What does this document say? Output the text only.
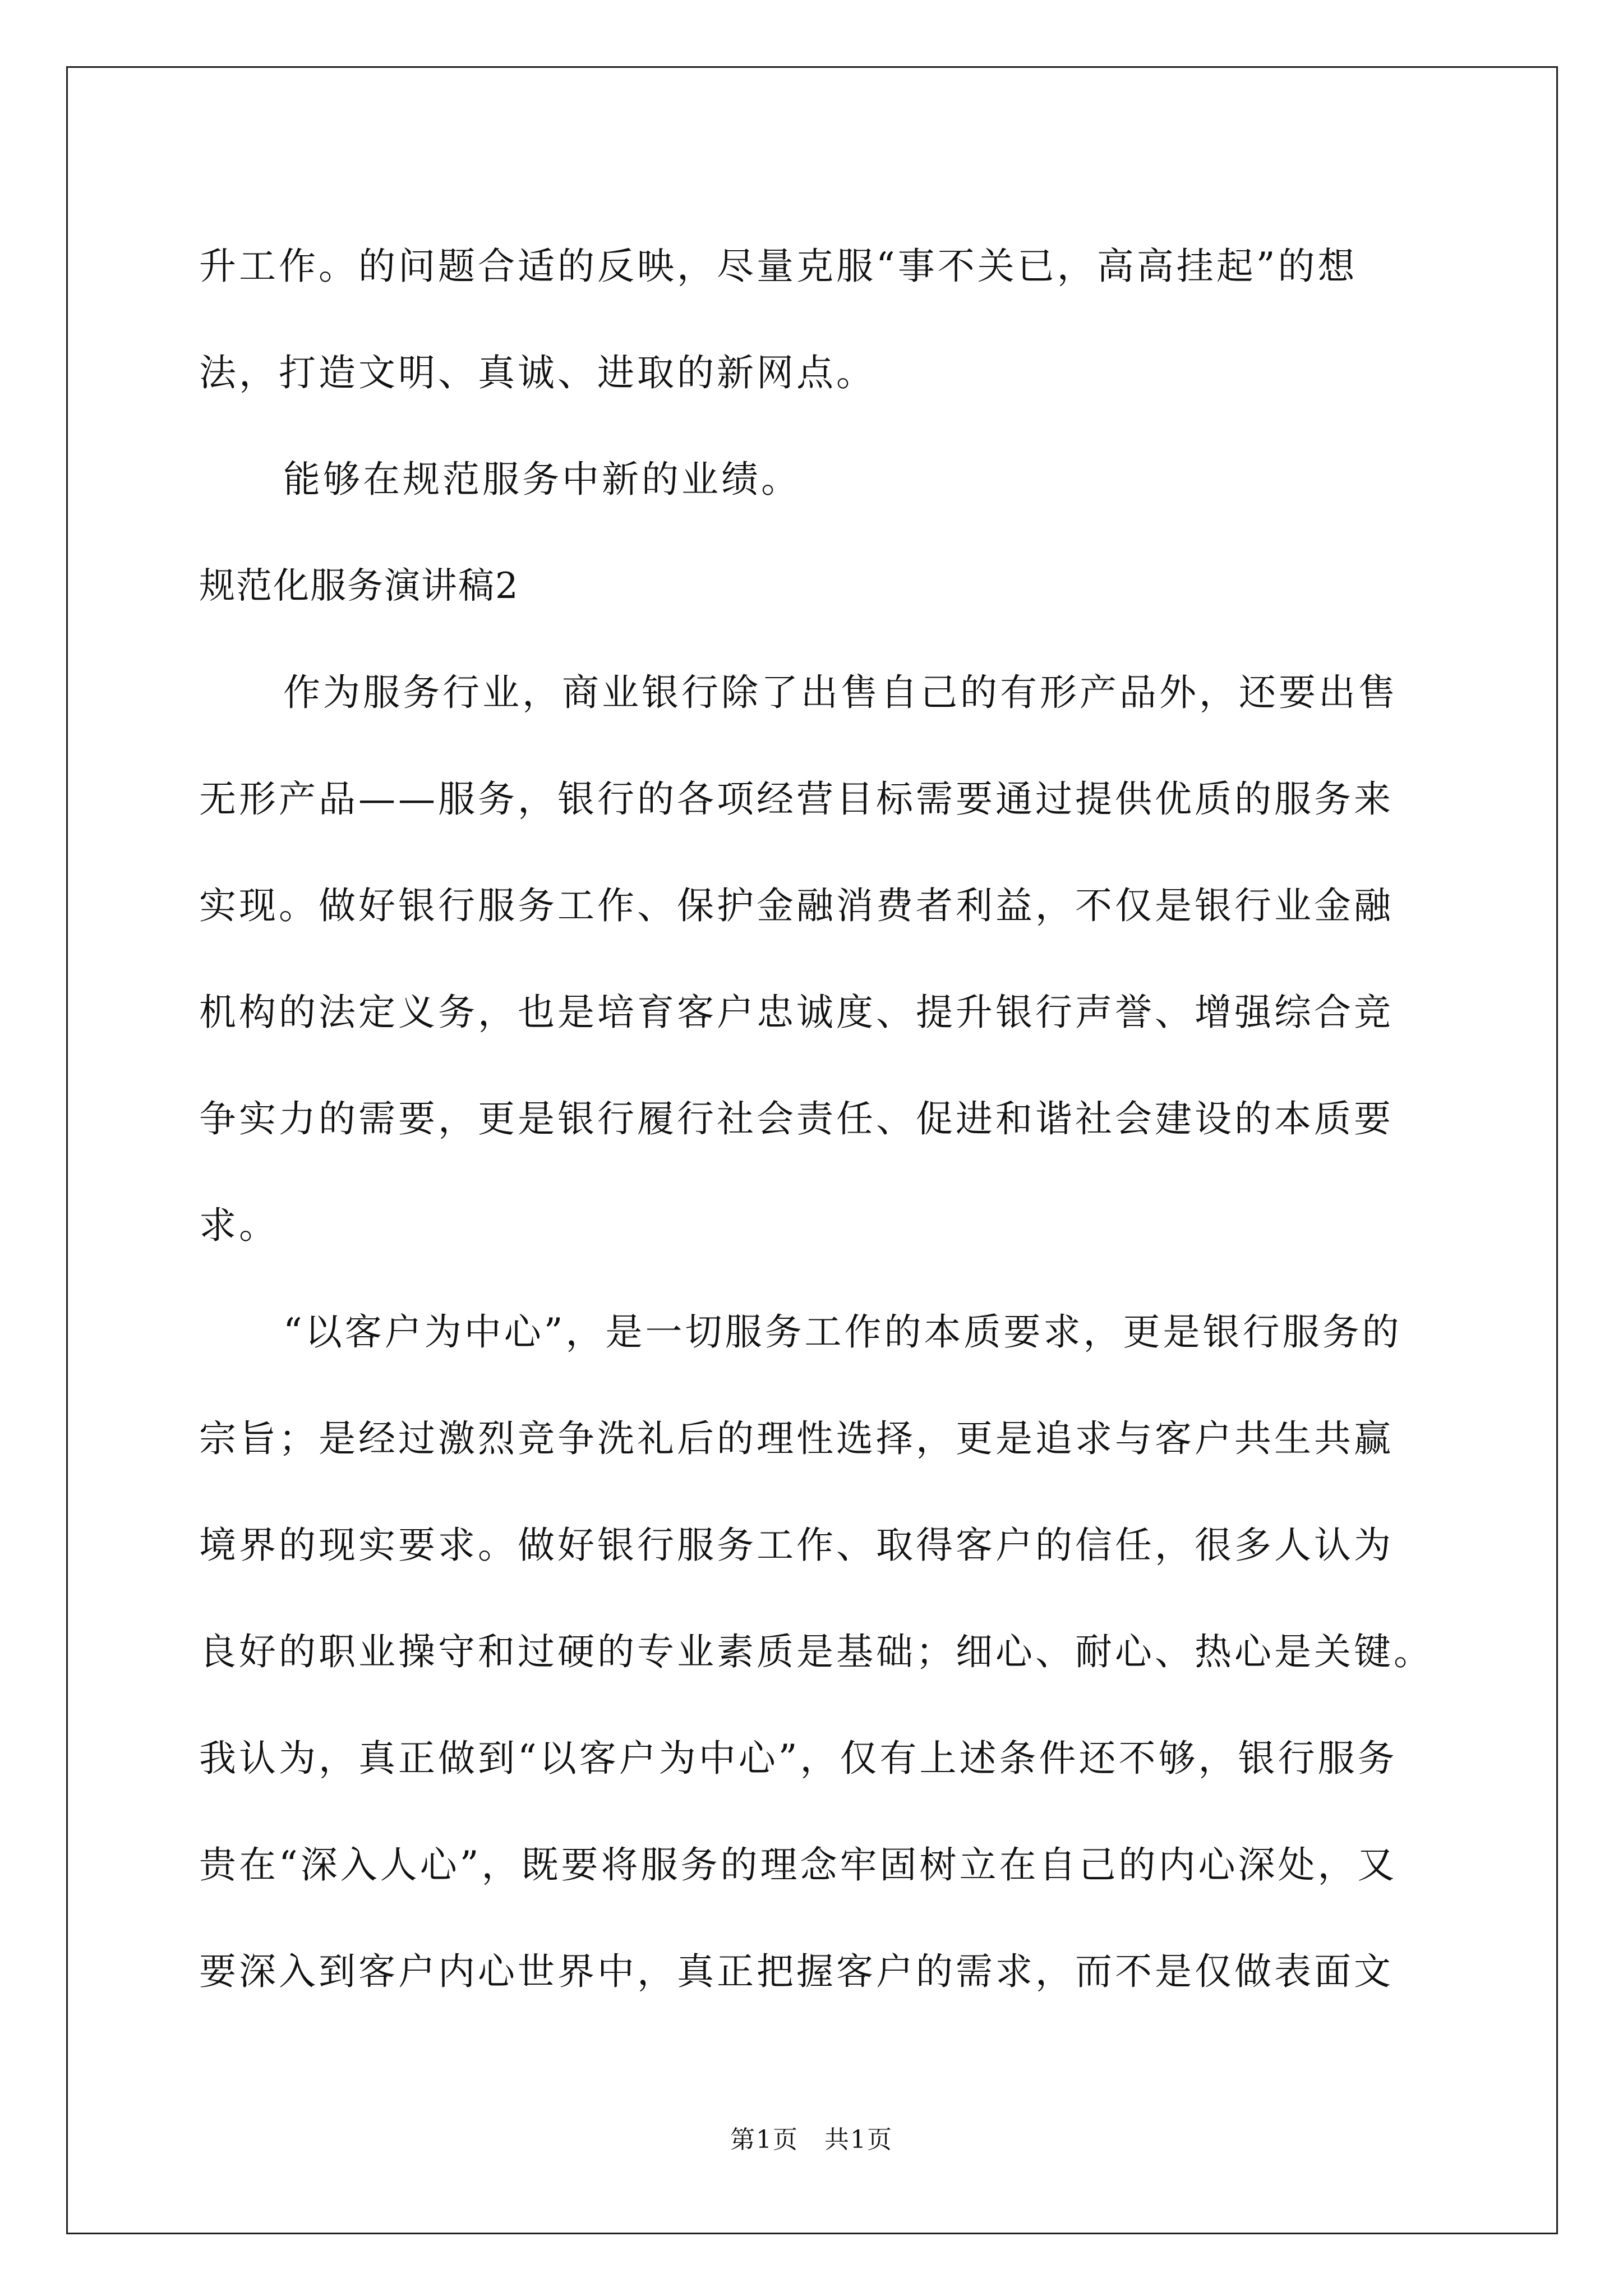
升工作。的问题合适的反映，尽量克服“事不关已，高高挂起”的想
法，打造文明、真诚、进取的新网点。
能够在规范服务中新的业绩。
规范化服务演讲稿2
作为服务行业，商业银行除了出售自己的有形产品外，还要出售
无形产品——服务，银行的各项经营目标需要通过提供优质的服务来
实现。做好银行服务工作、保护金融消费者利益，不仅是银行业金融
机构的法定义务，也是培育客户忠诚度、提升银行声誉、增强综合竞
争实力的需要，更是银行履行社会责任、促进和谐社会建设的本质要
求。
“以客户为中心”，是一切服务工作的本质要求，更是银行服务的
宗旨；是经过激烈竞争洗礼后的理性选择，更是追求与客户共生共赢
境界的现实要求。做好银行服务工作、取得客户的信任，很多人认为
良好的职业操守和过硬的专业素质是基础；细心、耐心、热心是关键。
我认为，真正做到“以客户为中心”，仅有上述条件还不够，银行服务
贵在“深入人心”，既要将服务的理念牢固树立在自己的内心深处，又
要深入到客户内心世界中，真正把握客户的需求，而不是仅做表面文
第1页　共1页
